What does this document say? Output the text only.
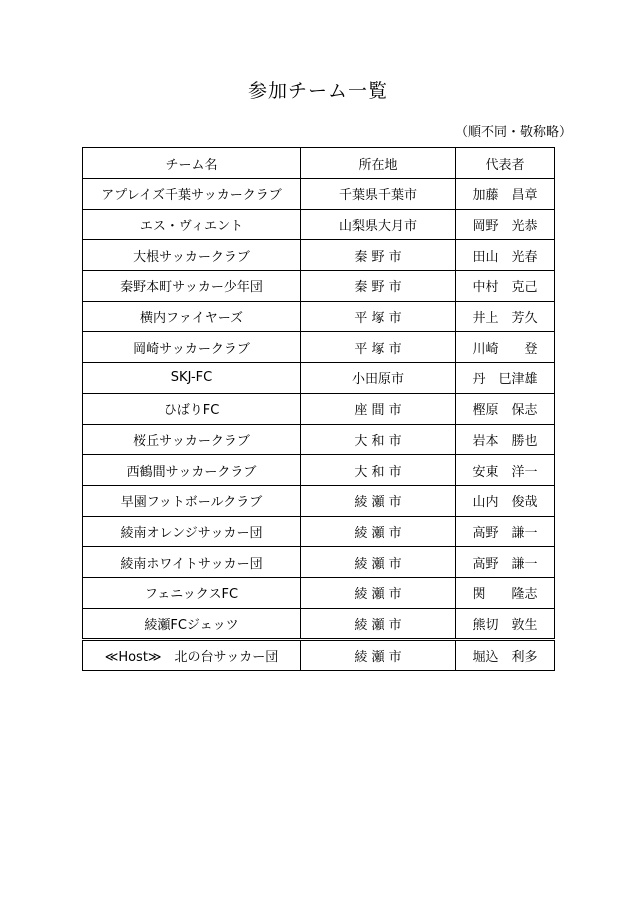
参加チーム一覧
（順不同・敬称略）
チーム名	所在地	代表者
アプレイズ千葉サッカークラブ	千葉県千葉市	加藤　昌章
エス・ヴィエント	山梨県大月市	岡野　光恭
大根サッカークラブ	秦 野 市	田山　光春
秦野本町サッカー少年団	秦 野 市	中村　克己
横内ファイヤーズ	平 塚 市	井上　芳久
岡崎サッカークラブ	平 塚 市	川崎　　登
SKJ-FC	小田原市	丹　巳津雄
ひばりFC	座 間 市	樫原　保志
桜丘サッカークラブ	大 和 市	岩本　勝也
西鶴間サッカークラブ	大 和 市	安東　洋一
早園フットボールクラブ	綾 瀬 市	山内　俊哉
綾南オレンジサッカー団	綾 瀬 市	高野　謙一
綾南ホワイトサッカー団	綾 瀬 市	高野　謙一
フェニックスFC	綾 瀬 市	関　　隆志
綾瀬FCジェッツ	綾 瀬 市	熊切　敦生
≪Host≫　北の台サッカー団	綾 瀬 市	堀込　利多
